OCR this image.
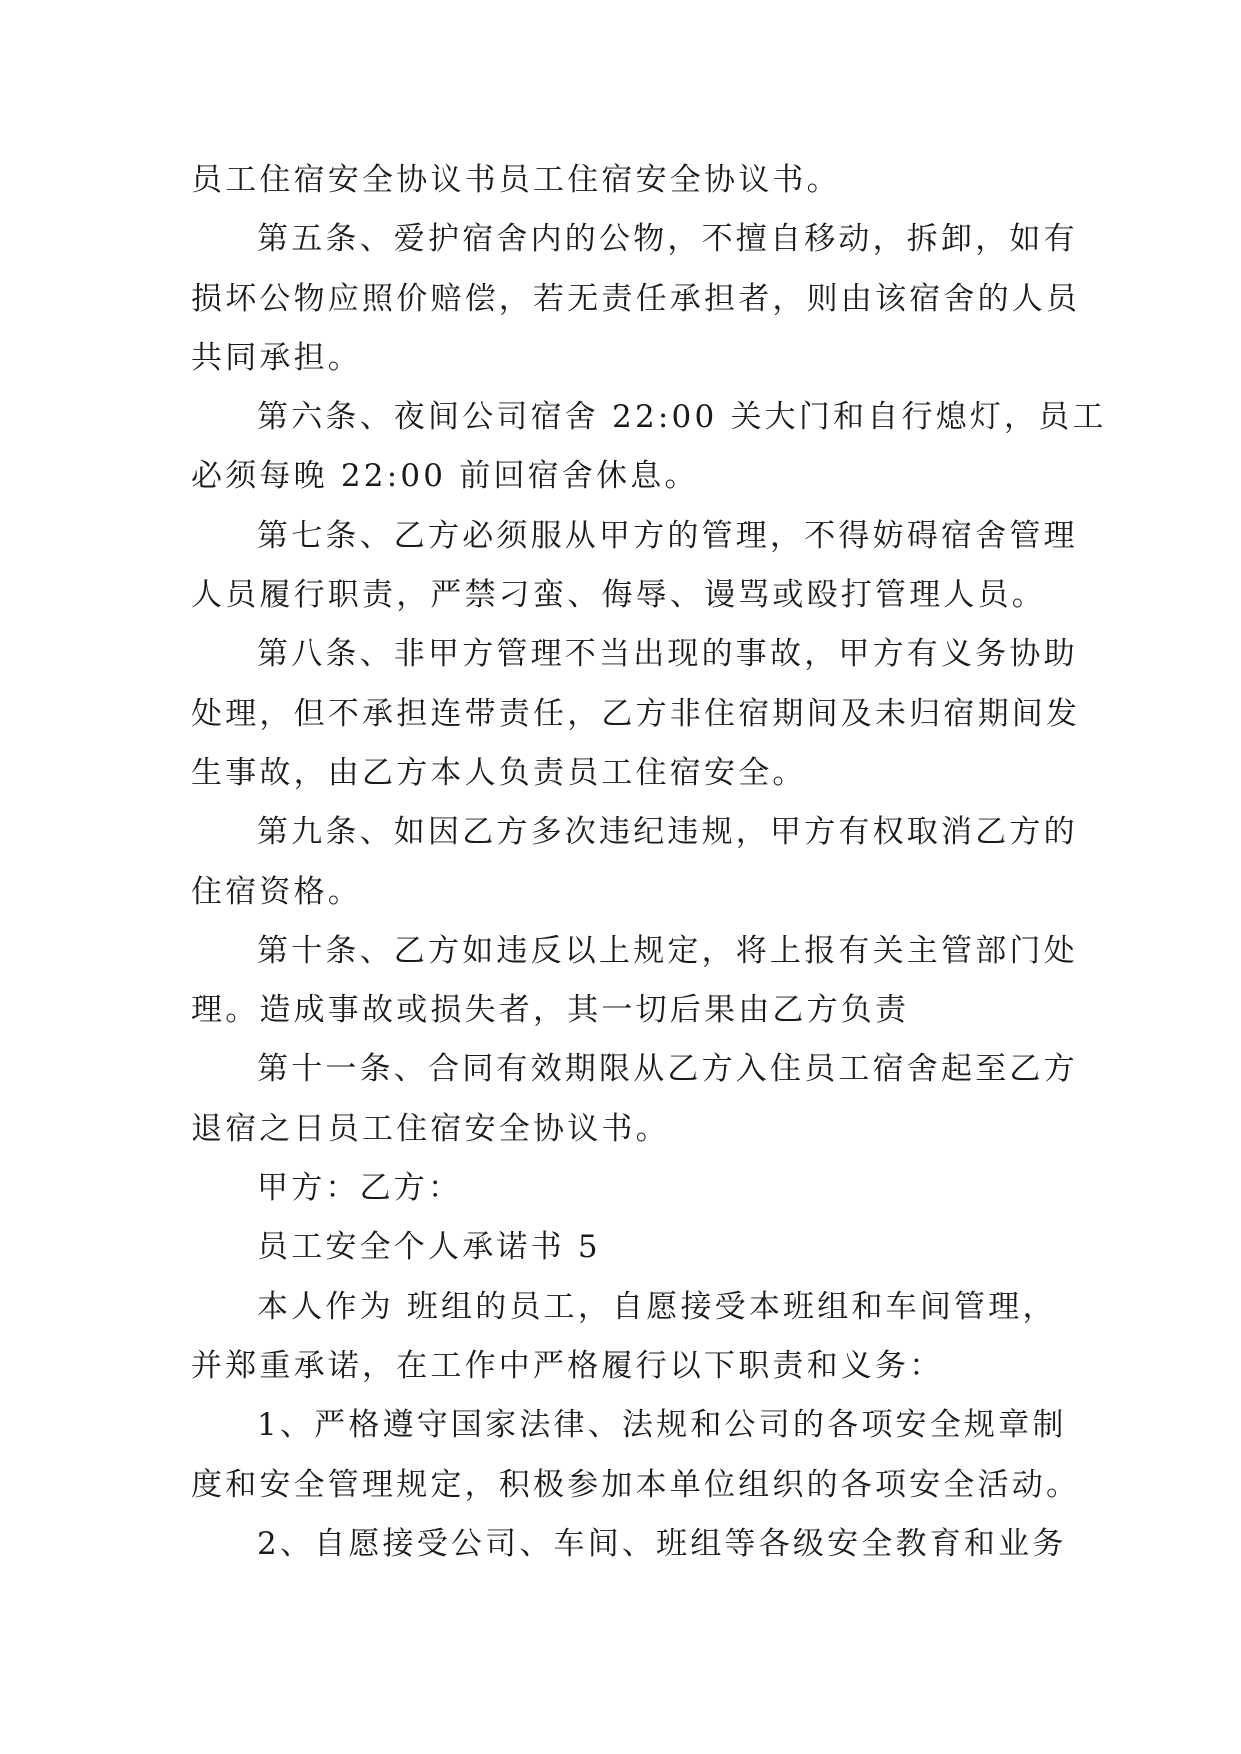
员工住宿安全协议书员工住宿安全协议书。
第五条、爱护宿舍内的公物，不擅自移动，拆卸，如有
损坏公物应照价赔偿，若无责任承担者，则由该宿舍的人员
共同承担。
第六条、夜间公司宿舍 22:00 关大门和自行熄灯，员工
必须每晚 22:00 前回宿舍休息。
第七条、乙方必须服从甲方的管理，不得妨碍宿舍管理
人员履行职责，严禁刁蛮、侮辱、谩骂或殴打管理人员。
第八条、非甲方管理不当出现的事故，甲方有义务协助
处理，但不承担连带责任，乙方非住宿期间及未归宿期间发
生事故，由乙方本人负责员工住宿安全。
第九条、如因乙方多次违纪违规，甲方有权取消乙方的
住宿资格。
第十条、乙方如违反以上规定，将上报有关主管部门处
理。造成事故或损失者，其一切后果由乙方负责
第十一条、合同有效期限从乙方入住员工宿舍起至乙方
退宿之日员工住宿安全协议书。
甲方：乙方：
员工安全个人承诺书 5
本人作为 班组的员工，自愿接受本班组和车间管理，
并郑重承诺，在工作中严格履行以下职责和义务：
1、严格遵守国家法律、法规和公司的各项安全规章制
度和安全管理规定，积极参加本单位组织的各项安全活动。
2、自愿接受公司、车间、班组等各级安全教育和业务
